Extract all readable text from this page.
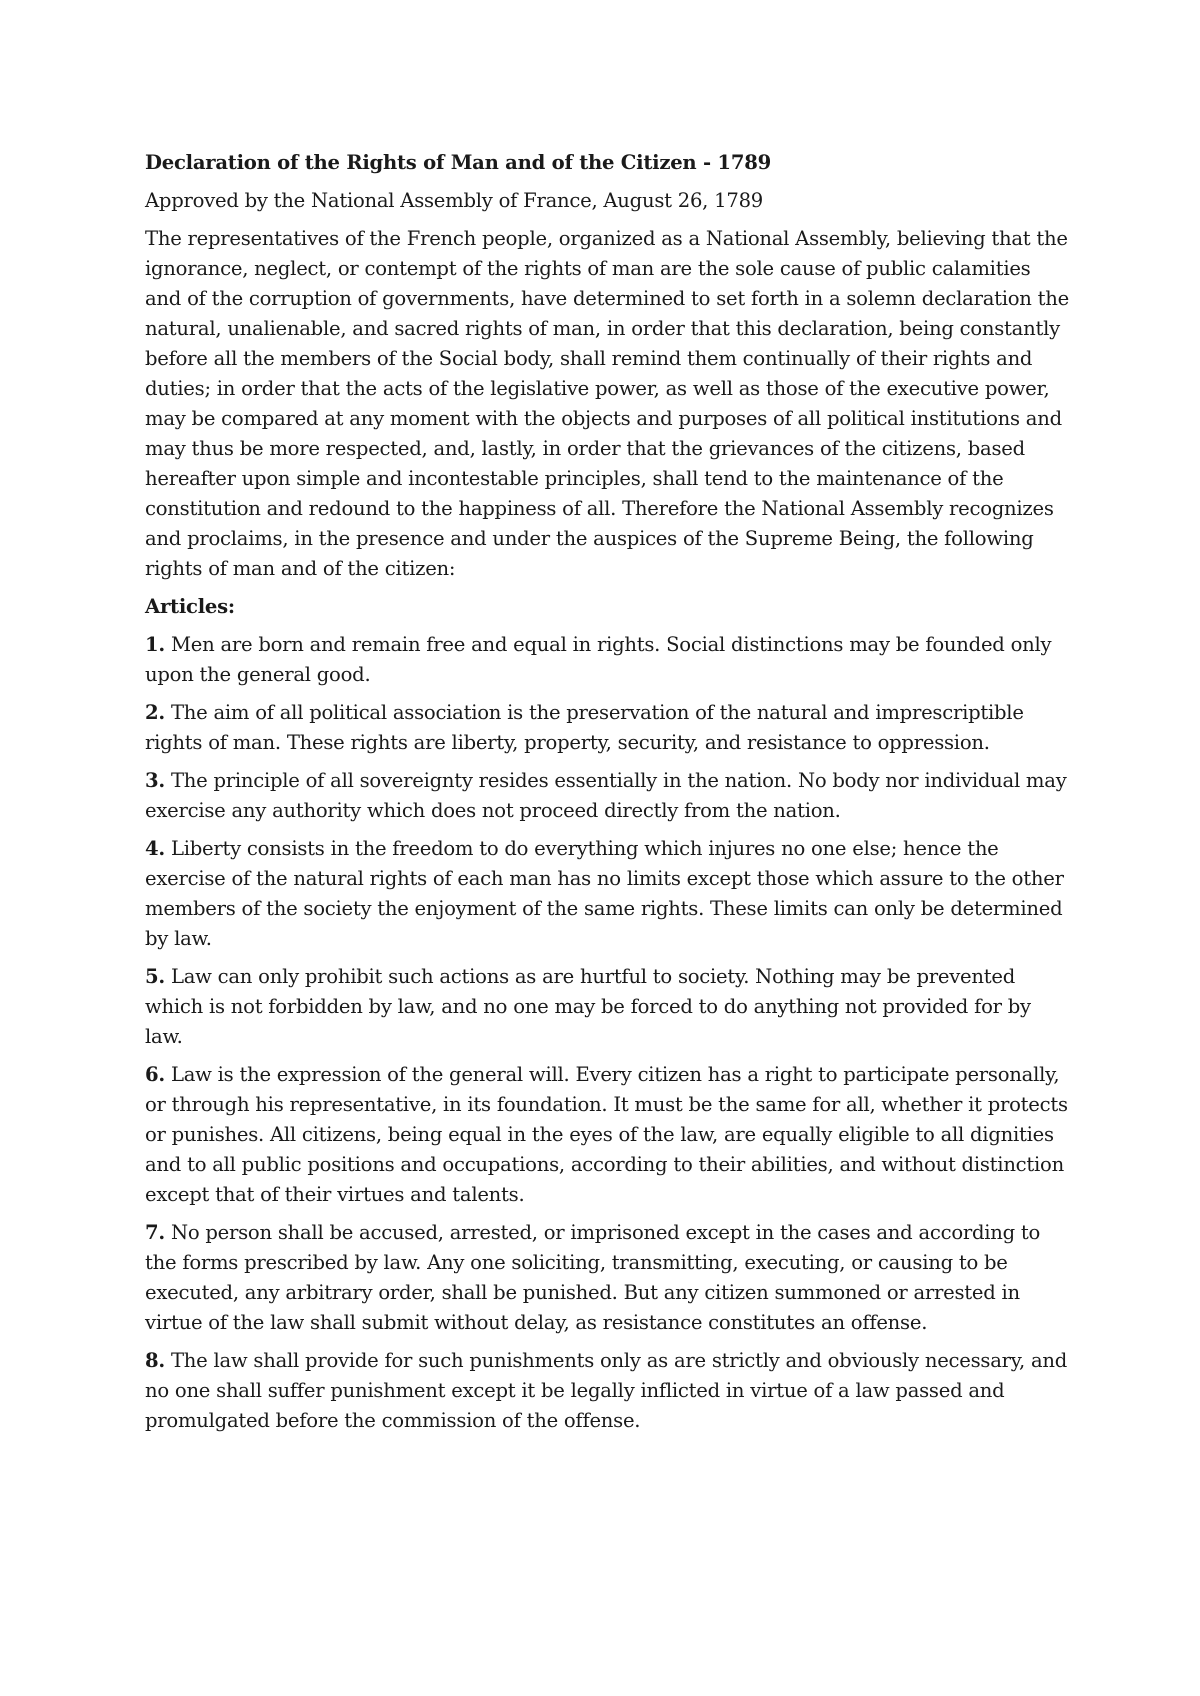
Declaration of the Rights of Man and of the Citizen - 1789

Approved by the National Assembly of France, August 26, 1789

The representatives of the French people, organized as a National Assembly, believing that the ignorance, neglect, or contempt of the rights of man are the sole cause of public calamities and of the corruption of governments, have determined to set forth in a solemn declaration the natural, unalienable, and sacred rights of man, in order that this declaration, being constantly before all the members of the Social body, shall remind them continually of their rights and duties; in order that the acts of the legislative power, as well as those of the executive power, may be compared at any moment with the objects and purposes of all political institutions and may thus be more respected, and, lastly, in order that the grievances of the citizens, based hereafter upon simple and incontestable principles, shall tend to the maintenance of the constitution and redound to the happiness of all. Therefore the National Assembly recognizes and proclaims, in the presence and under the auspices of the Supreme Being, the following rights of man and of the citizen:

Articles:

1. Men are born and remain free and equal in rights. Social distinctions may be founded only upon the general good.

2. The aim of all political association is the preservation of the natural and imprescriptible rights of man. These rights are liberty, property, security, and resistance to oppression.

3. The principle of all sovereignty resides essentially in the nation. No body nor individual may exercise any authority which does not proceed directly from the nation.

4. Liberty consists in the freedom to do everything which injures no one else; hence the exercise of the natural rights of each man has no limits except those which assure to the other members of the society the enjoyment of the same rights. These limits can only be determined by law.

5. Law can only prohibit such actions as are hurtful to society. Nothing may be prevented which is not forbidden by law, and no one may be forced to do anything not provided for by law.

6. Law is the expression of the general will. Every citizen has a right to participate personally, or through his representative, in its foundation. It must be the same for all, whether it protects or punishes. All citizens, being equal in the eyes of the law, are equally eligible to all dignities and to all public positions and occupations, according to their abilities, and without distinction except that of their virtues and talents.

7. No person shall be accused, arrested, or imprisoned except in the cases and according to the forms prescribed by law. Any one soliciting, transmitting, executing, or causing to be executed, any arbitrary order, shall be punished. But any citizen summoned or arrested in virtue of the law shall submit without delay, as resistance constitutes an offense.

8. The law shall provide for such punishments only as are strictly and obviously necessary, and no one shall suffer punishment except it be legally inflicted in virtue of a law passed and promulgated before the commission of the offense.
